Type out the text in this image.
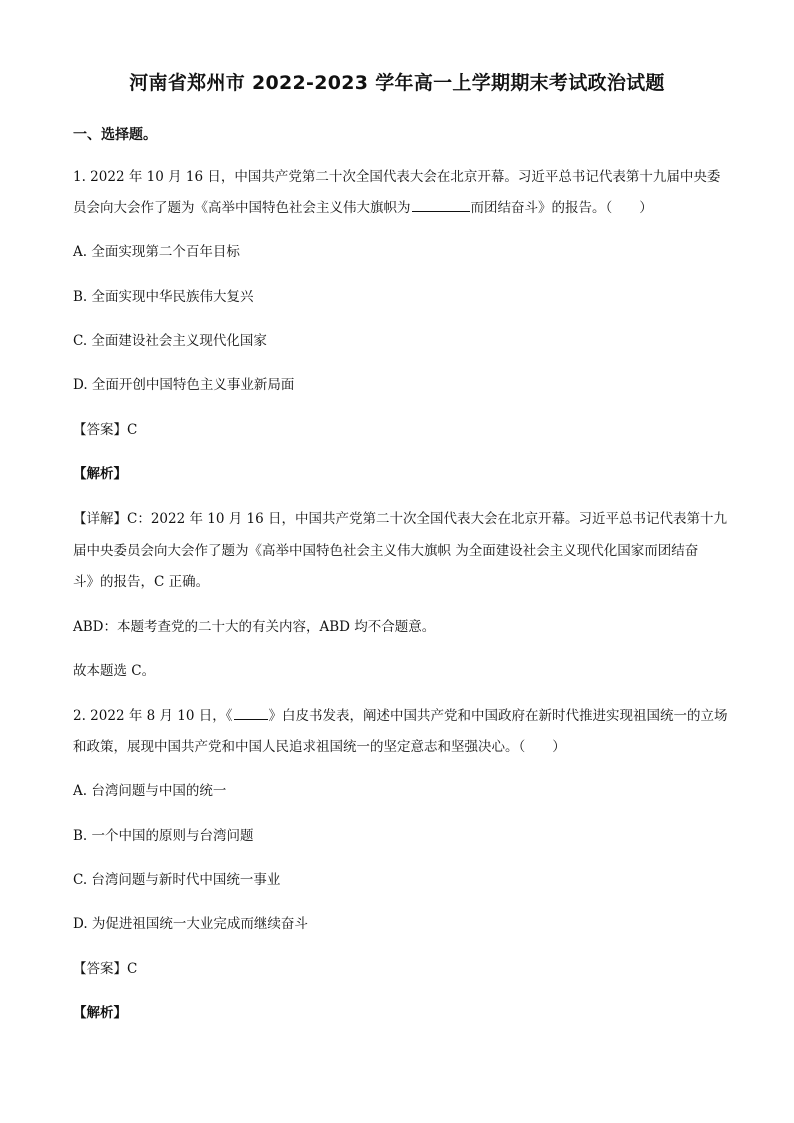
河南省郑州市 2022-2023 学年高一上学期期末考试政治试题
一、选择题。
1. 2022 年 10 月 16 日，中国共产党第二十次全国代表大会在北京开幕。习近平总书记代表第十九届中央委
员会向大会作了题为《高举中国特色社会主义伟大旗帜为	而团结奋斗》的报告。（　　）
A. 全面实现第二个百年目标
B. 全面实现中华民族伟大复兴
C. 全面建设社会主义现代化国家
D. 全面开创中国特色主义事业新局面
【答案】C
【解析】
【详解】C：2022 年 10 月 16 日，中国共产党第二十次全国代表大会在北京开幕。习近平总书记代表第十九
届中央委员会向大会作了题为《高举中国特色社会主义伟大旗帜 为全面建设社会主义现代化国家而团结奋
斗》的报告，C 正确。
ABD：本题考查党的二十大的有关内容，ABD 均不合题意。
故本题选 C。
2. 2022 年 8 月 10 日，《	》白皮书发表，阐述中国共产党和中国政府在新时代推进实现祖国统一的立场
和政策，展现中国共产党和中国人民追求祖国统一的坚定意志和坚强决心。（　　）
A. 台湾问题与中国的统一
B. 一个中国的原则与台湾问题
C. 台湾问题与新时代中国统一事业
D. 为促进祖国统一大业完成而继续奋斗
【答案】C
【解析】
